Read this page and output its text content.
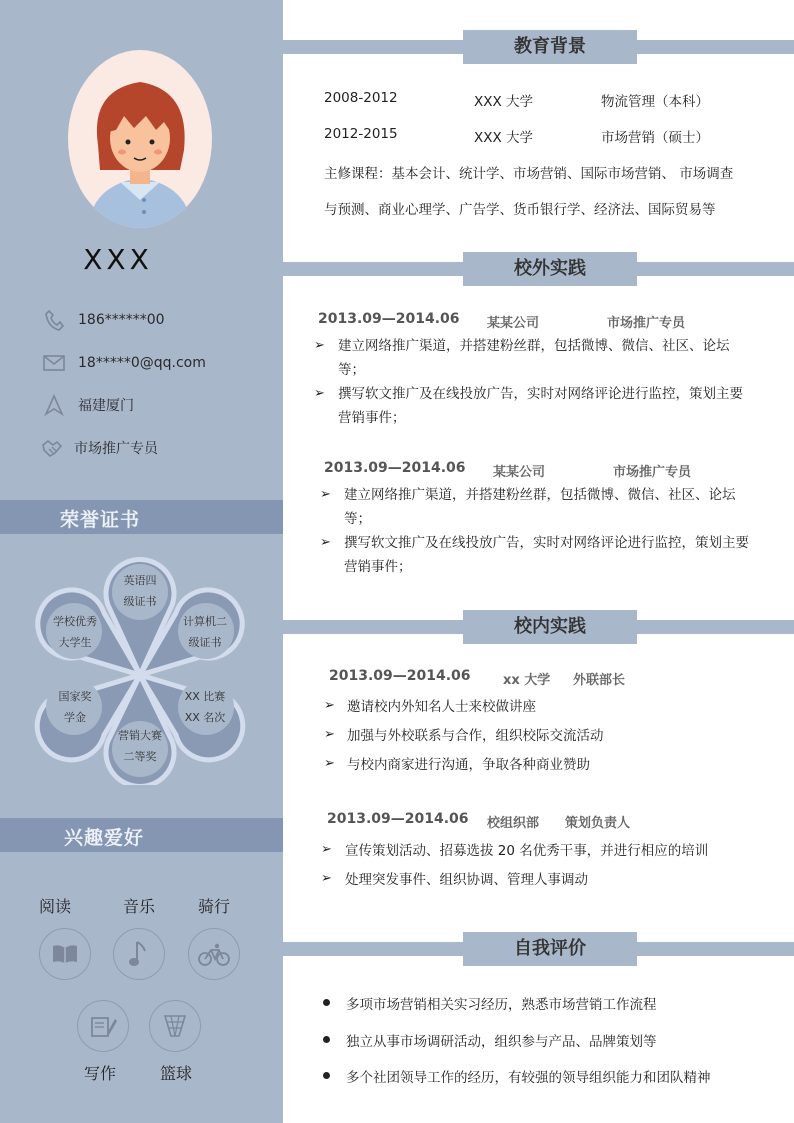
XXX
186******00
18*****0@qq.com
福建厦门
市场推广专员
荣誉证书
英语四
级证书
计算机二
级证书
XX 比赛
XX 名次
营销大赛
二等奖
国家奖
学金
学校优秀
大学生
兴趣爱好
阅读	音乐	骑行
写作	篮球
教育背景
2008-2012	XXX 大学	物流管理（本科）
2012-2015	XXX 大学	市场营销（硕士）
主修课程：基本会计、统计学、市场营销、国际市场营销、 市场调查
与预测、商业心理学、广告学、货币银行学、经济法、国际贸易等
校外实践
2013.09—2014.06 某某公司	市场推广专员
➢ 建立网络推广渠道，并搭建粉丝群，包括微博、微信、社区、论坛
等；
➢ 撰写软文推广及在线投放广告，实时对网络评论进行监控，策划主要
营销事件；
2013.09—2014.06 某某公司	市场推广专员
➢ 建立网络推广渠道，并搭建粉丝群，包括微博、微信、社区、论坛
等；
➢ 撰写软文推广及在线投放广告，实时对网络评论进行监控，策划主要
营销事件；
校内实践
2013.09—2014.06 xx 大学 外联部长
➢ 邀请校内外知名人士来校做讲座
➢ 加强与外校联系与合作，组织校际交流活动
➢ 与校内商家进行沟通，争取各种商业赞助
2013.09—2014.06 校组织部 策划负责人
➢ 宣传策划活动、招募选拔 20 名优秀干事，并进行相应的培训
➢ 处理突发事件、组织协调、管理人事调动
自我评价
多项市场营销相关实习经历，熟悉市场营销工作流程
独立从事市场调研活动，组织参与产品、品牌策划等
多个社团领导工作的经历，有较强的领导组织能力和团队精神
